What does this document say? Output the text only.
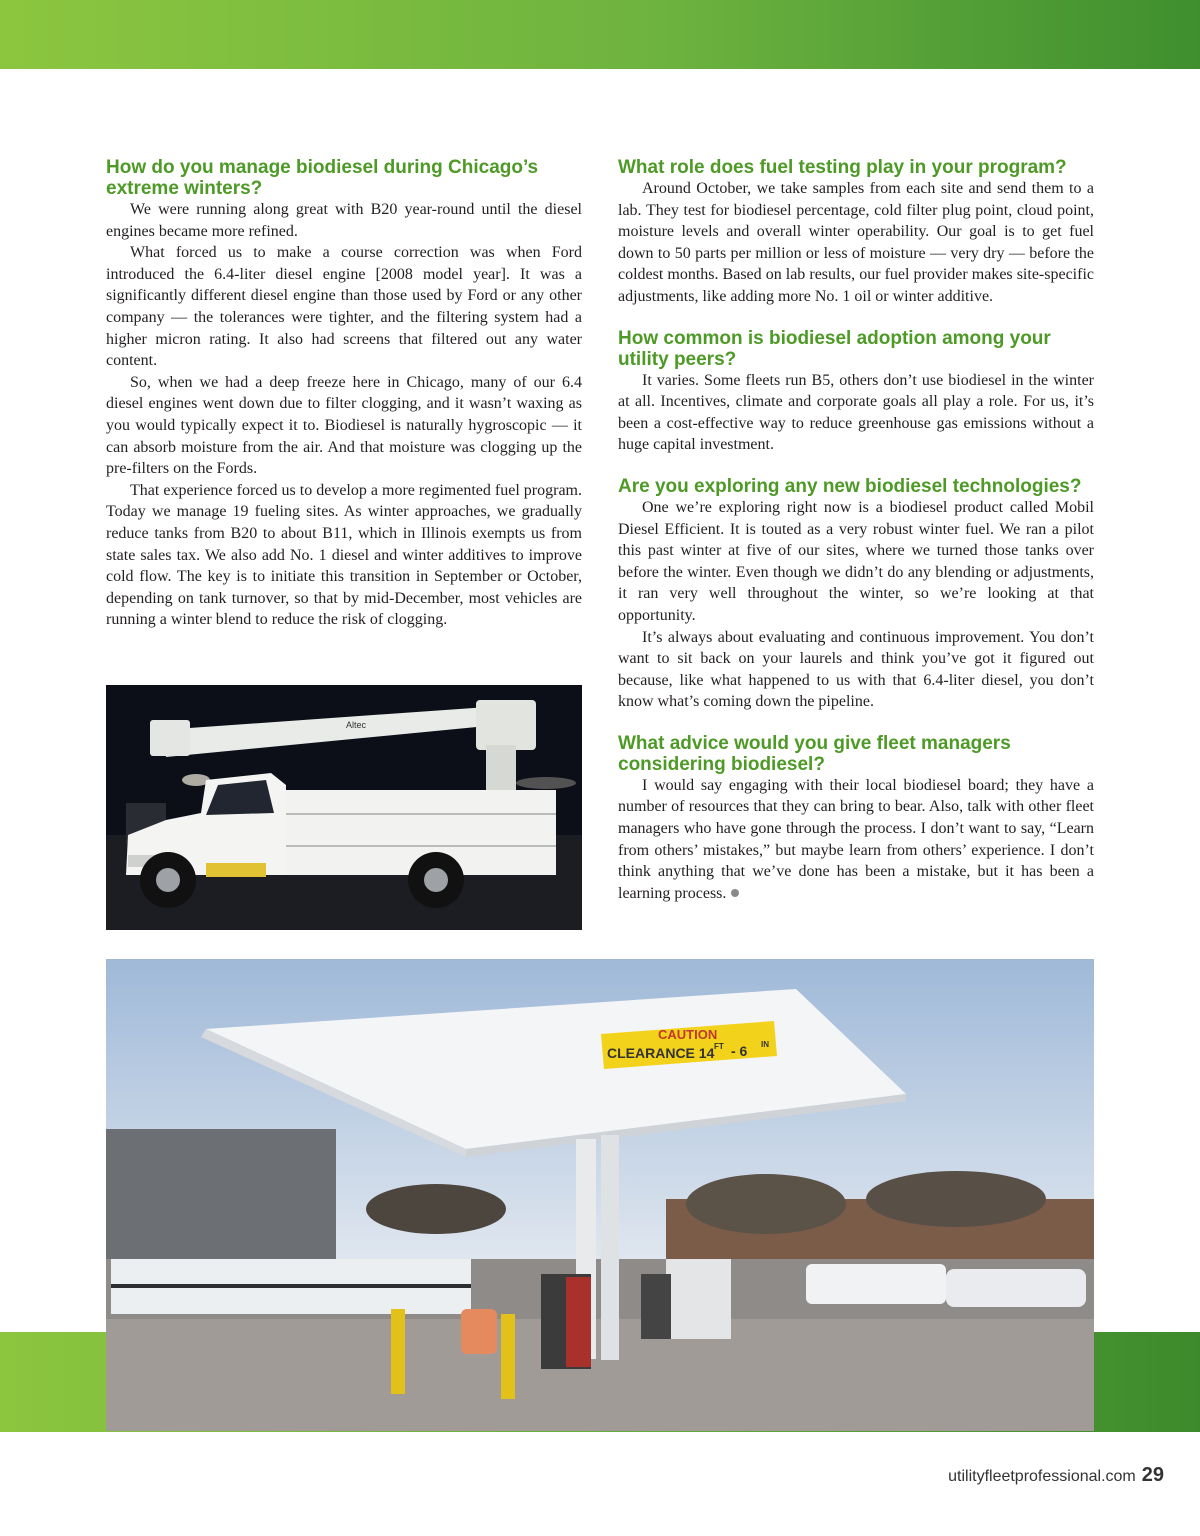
How do you manage biodiesel during Chicago’s extreme winters?

We were running along great with B20 year-round until the diesel engines became more refined.

What forced us to make a course correction was when Ford introduced the 6.4-liter diesel engine [2008 model year]. It was a significantly different diesel engine than those used by Ford or any other company — the tolerances were tighter, and the filtering system had a higher micron rating. It also had screens that filtered out any water content.

So, when we had a deep freeze here in Chicago, many of our 6.4 diesel engines went down due to filter clogging, and it wasn’t waxing as you would typically expect it to. Biodiesel is naturally hygroscopic — it can absorb moisture from the air. And that moisture was clogging up the pre-filters on the Fords.

That experience forced us to develop a more regimented fuel program. Today we manage 19 fueling sites. As winter approaches, we gradually reduce tanks from B20 to about B11, which in Illinois exempts us from state sales tax. We also add No. 1 diesel and winter additives to improve cold flow. The key is to initiate this transition in September or October, depending on tank turnover, so that by mid-December, most vehicles are running a winter blend to reduce the risk of clogging.

What role does fuel testing play in your program?

Around October, we take samples from each site and send them to a lab. They test for biodiesel percentage, cold filter plug point, cloud point, moisture levels and overall winter operability. Our goal is to get fuel down to 50 parts per million or less of moisture — very dry — before the coldest months. Based on lab results, our fuel provider makes site-specific adjustments, like adding more No. 1 oil or winter additive.

How common is biodiesel adoption among your utility peers?

It varies. Some fleets run B5, others don’t use biodiesel in the winter at all. Incentives, climate and corporate goals all play a role. For us, it’s been a cost-effective way to reduce greenhouse gas emissions without a huge capital investment.

Are you exploring any new biodiesel technologies?

One we’re exploring right now is a biodiesel product called Mobil Diesel Efficient. It is touted as a very robust winter fuel. We ran a pilot this past winter at five of our sites, where we turned those tanks over before the winter. Even though we didn’t do any blending or adjustments, it ran very well throughout the winter, so we’re looking at that opportunity.

It’s always about evaluating and continuous improvement. You don’t want to sit back on your laurels and think you’ve got it figured out because, like what happened to us with that 6.4-liter diesel, you don’t know what’s coming down the pipeline.

What advice would you give fleet managers considering biodiesel?

I would say engaging with their local biodiesel board; they have a number of resources that they can bring to bear. Also, talk with other fleet managers who have gone through the process. I don’t want to say, “Learn from others’ mistakes,” but maybe learn from others’ experience. I don’t think anything that we’ve done has been a mistake, but it has been a learning process.

Altec
CAUTION
CLEARANCE 14 FT - 6 IN
utilityfleetprofessional.com 29
